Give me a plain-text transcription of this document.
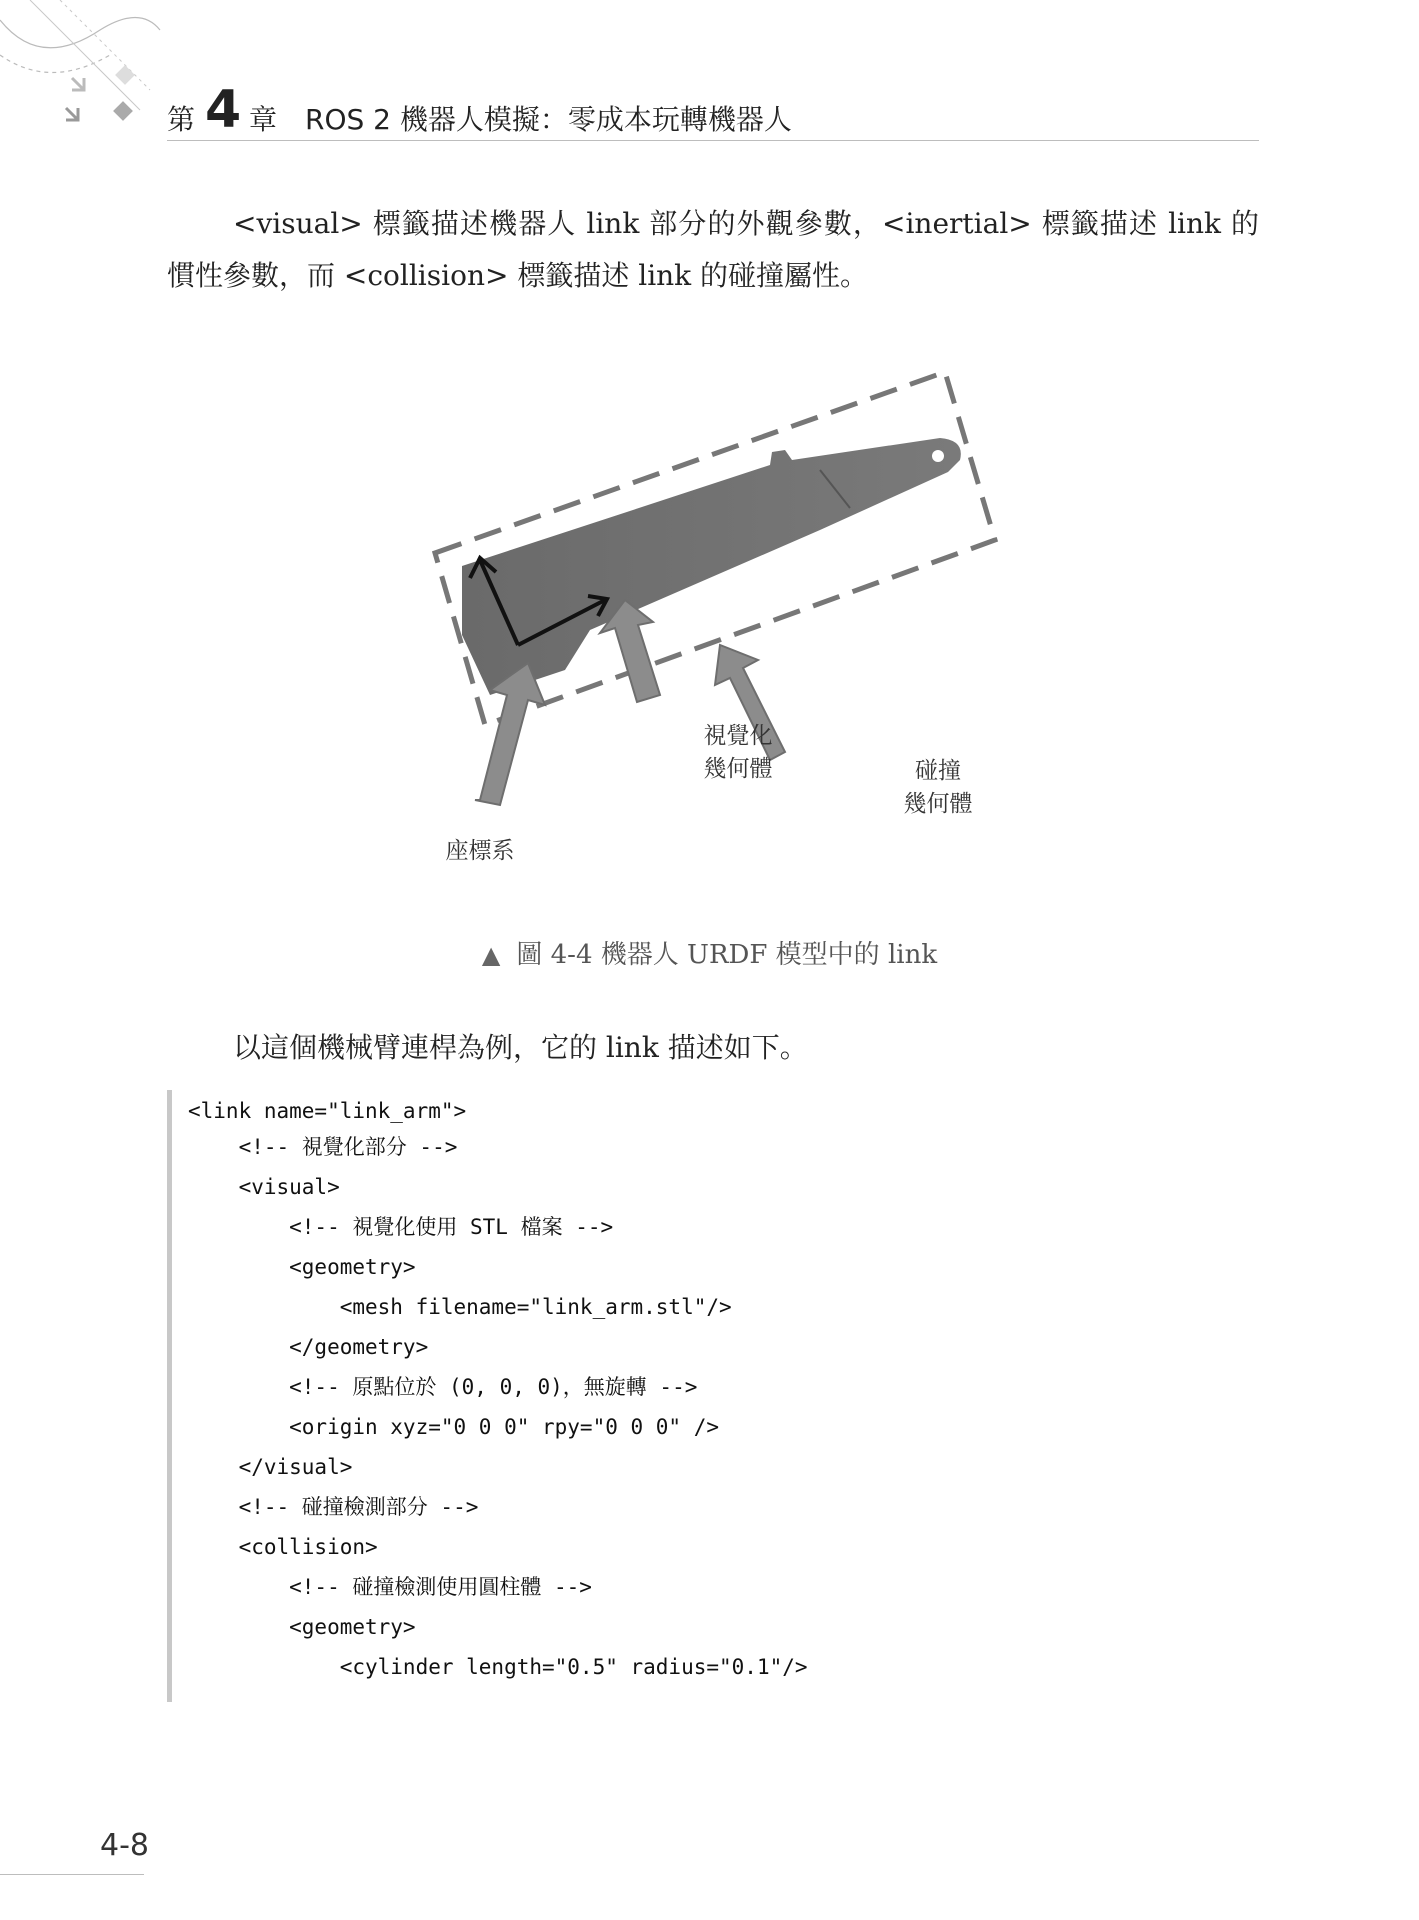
第 4 章 ROS 2 機器人模擬：零成本玩轉機器人
<visual> 標籤描述機器人 link 部分的外觀參數，<inertial> 標籤描述 link 的慣性參數，而 <collision> 標籤描述 link 的碰撞屬性。
視覺化
幾何體	碰撞
幾何體
座標系
▲ 圖 4-4 機器人 URDF 模型中的 link
以這個機械臂連桿為例，它的 link 描述如下。
<link name="link_arm">
<!-- 視覺化部分 -->
<visual>
<!-- 視覺化使用 STL 檔案 -->
<geometry>
<mesh filename="link_arm.stl"/>
</geometry>
<!-- 原點位於 (0, 0, 0)，無旋轉 -->
<origin xyz="0 0 0" rpy="0 0 0" />
</visual>
<!-- 碰撞檢測部分 -->
<collision>
<!-- 碰撞檢測使用圓柱體 -->
<geometry>
<cylinder length="0.5" radius="0.1"/>
4-8
